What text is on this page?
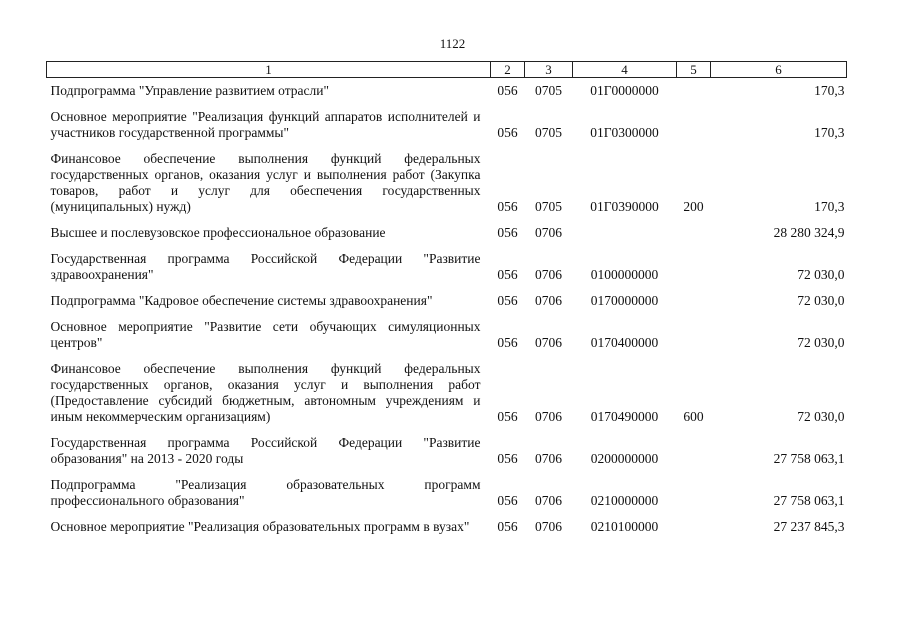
1122
1	2	3	4	5	6
Подпрограмма "Управление развитием отрасли"	056	0705	01Г0000000		170,3
Основное мероприятие "Реализация функций аппаратов исполнителей и участников государственной программы"	056	0705	01Г0300000		170,3
Финансовое обеспечение выполнения функций федеральных государственных органов, оказания услуг и выполнения работ (Закупка товаров, работ и услуг для обеспечения государственных (муниципальных) нужд)	056	0705	01Г0390000	200	170,3
Высшее и послевузовское профессиональное образование	056	0706			28 280 324,9
Государственная программа Российской Федерации "Развитие здравоохранения"	056	0706	0100000000		72 030,0
Подпрограмма "Кадровое обеспечение системы здравоохранения"	056	0706	0170000000		72 030,0
Основное мероприятие "Развитие сети обучающих симуляционных центров"	056	0706	0170400000		72 030,0
Финансовое обеспечение выполнения функций федеральных государственных органов, оказания услуг и выполнения работ (Предоставление субсидий бюджетным, автономным учреждениям и иным некоммерческим организациям)	056	0706	0170490000	600	72 030,0
Государственная программа Российской Федерации "Развитие образования" на 2013 - 2020 годы	056	0706	0200000000		27 758 063,1
Подпрограмма "Реализация образовательных программ профессионального образования"	056	0706	0210000000		27 758 063,1
Основное мероприятие "Реализация образовательных программ в вузах"	056	0706	0210100000		27 237 845,3
